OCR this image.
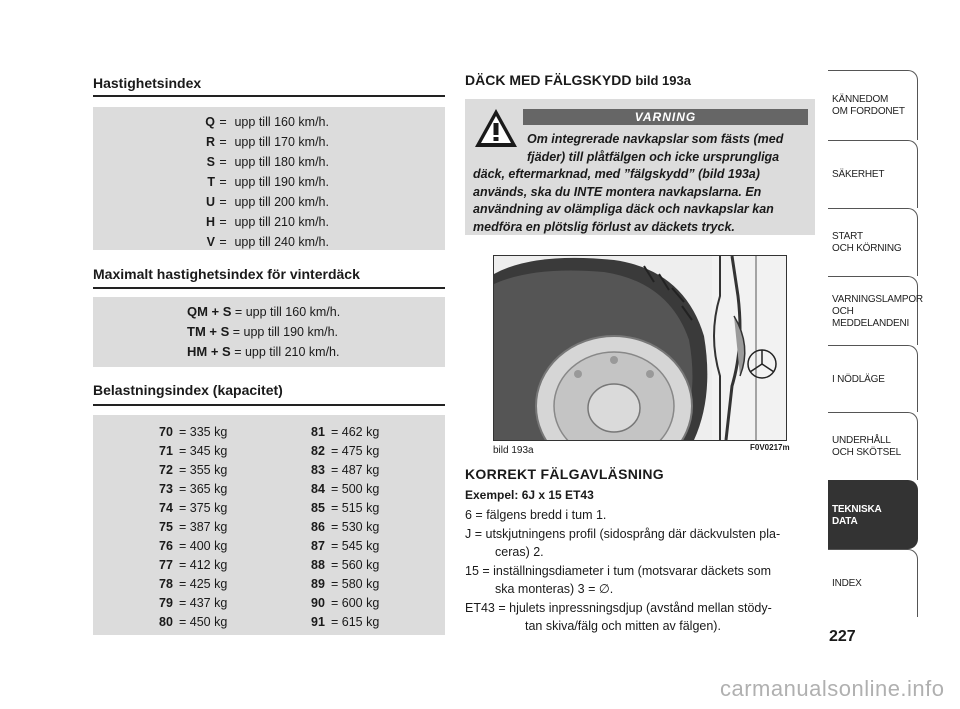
Hastighetsindex
Q = upp till 160 km/h.
R = upp till 170 km/h.
S = upp till 180 km/h.
T = upp till 190 km/h.
U = upp till 200 km/h.
H = upp till 210 km/h.
V = upp till 240 km/h.
Maximalt hastighetsindex för vinterdäck
QM + S = upp till 160 km/h.
TM + S = upp till 190 km/h.
HM + S = upp till 210 km/h.
Belastningsindex (kapacitet)
70 = 335 kg
71 = 345 kg
72 = 355 kg
73 = 365 kg
74 = 375 kg
75 = 387 kg
76 = 400 kg
77 = 412 kg
78 = 425 kg
79 = 437 kg
80 = 450 kg
81 = 462 kg
82 = 475 kg
83 = 487 kg
84 = 500 kg
85 = 515 kg
86 = 530 kg
87 = 545 kg
88 = 560 kg
89 = 580 kg
90 = 600 kg
91 = 615 kg
DÄCK MED FÄLGSKYDD bild 193a
VARNING
Om integrerade navkapslar som fästs (med
fjäder) till plåtfälgen och icke ursprungliga
däck, eftermarknad, med ”fälgskydd” (bild 193a)
används, ska du INTE montera navkapslarna. En
användning av olämpliga däck och navkapslar kan
medföra en plötslig förlust av däckets tryck.
bild 193a	F0V0217m
KORREKT FÄLGAVLÄSNING
Exempel: 6J x 15 ET43
6 = fälgens bredd i tum 1.
J = utskjutningens profil (sidosprång där däckvulsten pla-
ceras) 2.
15 = inställningsdiameter i tum (motsvarar däckets som
ska monteras) 3 = ∅.
ET43 = hjulets inpressningsdjup (avstånd mellan stödy-
tan skiva/fälg och mitten av fälgen).
KÄNNEDOM
OM FORDONET
SÄKERHET
START
OCH KÖRNING
VARNINGSLAMPOR
OCH
MEDDELANDENI
I NÖDLÄGE
UNDERHÅLL
OCH SKÖTSEL
TEKNISKA
DATA
INDEX
227
carmanualsonline.info
